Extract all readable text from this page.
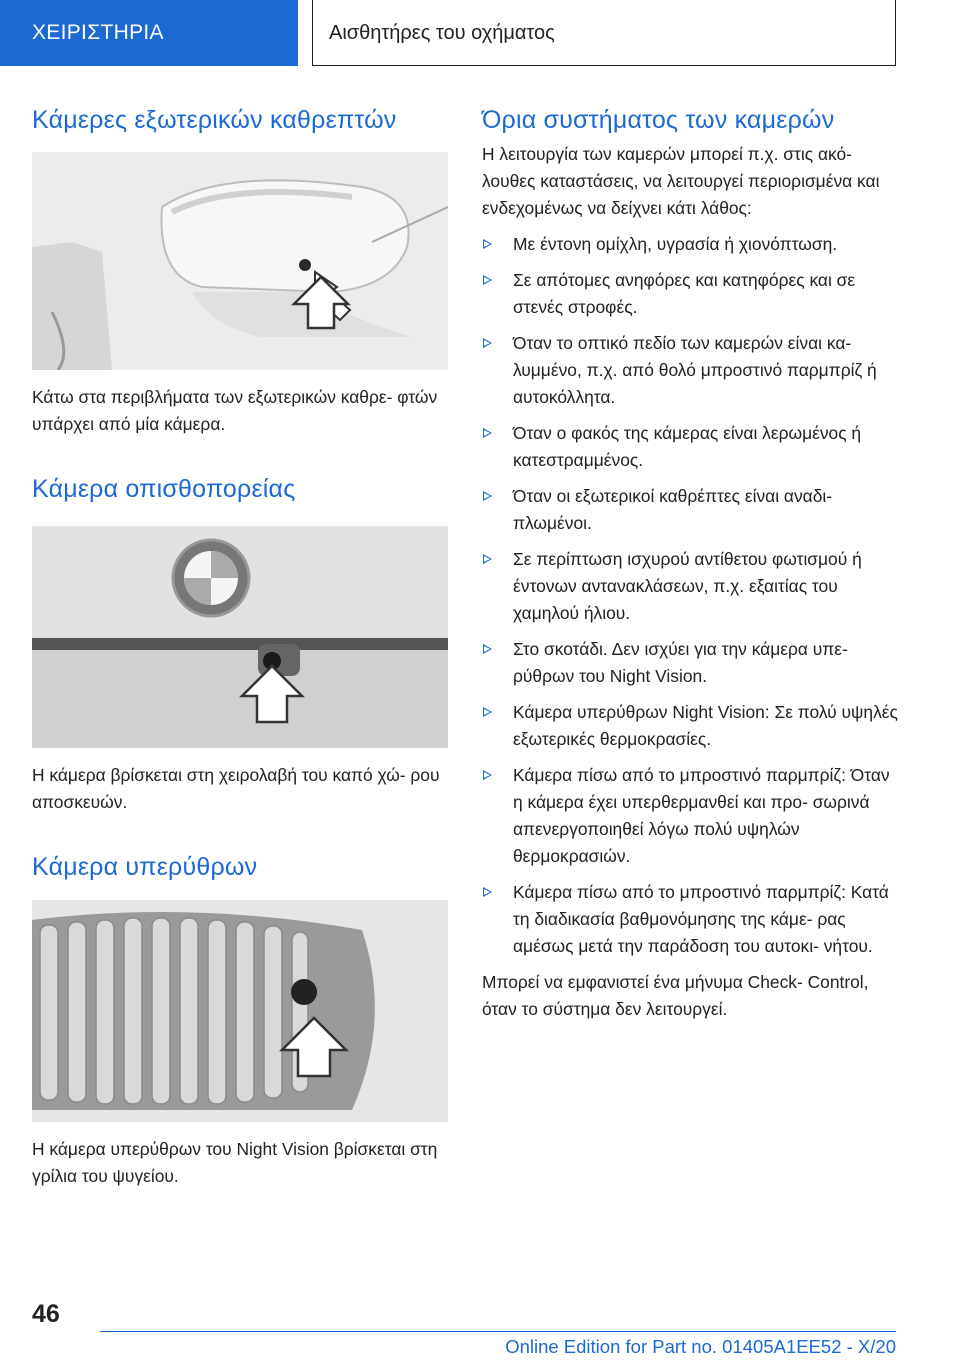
ΧΕΙΡΙΣΤΗΡΙΑ	Αισθητήρες του οχήματος
Κάμερες εξωτερικών καθρεπτών

Κάτω στα περιβλήματα των εξωτερικών καθρε- φτών υπάρχει από μία κάμερα.

Κάμερα οπισθοπορείας

Η κάμερα βρίσκεται στη χειρολαβή του καπό χώ- ρου αποσκευών.

Κάμερα υπερύθρων

Η κάμερα υπερύθρων του Night Vision βρίσκεται στη γρίλια του ψυγείου.

Όρια συστήματος των καμερών

Η λειτουργία των καμερών μπορεί π.χ. στις ακό- λουθες καταστάσεις, να λειτουργεί περιορισμένα και ενδεχομένως να δείχνει κάτι λάθος:

Με έντονη ομίχλη, υγρασία ή χιονόπτωση.
Σε απότομες ανηφόρες και κατηφόρες και σε στενές στροφές.
Όταν το οπτικό πεδίο των καμερών είναι κα- λυμμένο, π.χ. από θολό μπροστινό παρμπρίζ ή αυτοκόλλητα.
Όταν ο φακός της κάμερας είναι λερωμένος ή κατεστραμμένος.
Όταν οι εξωτερικοί καθρέπτες είναι αναδι- πλωμένοι.
Σε περίπτωση ισχυρού αντίθετου φωτισμού ή έντονων αντανακλάσεων, π.χ. εξαιτίας του χαμηλού ήλιου.
Στο σκοτάδι. Δεν ισχύει για την κάμερα υπε- ρύθρων του Night Vision.
Κάμερα υπερύθρων Night Vision: Σε πολύ υψηλές εξωτερικές θερμοκρασίες.
Κάμερα πίσω από το μπροστινό παρμπρίζ: Όταν η κάμερα έχει υπερθερμανθεί και προ- σωρινά απενεργοποιηθεί λόγω πολύ υψηλών θερμοκρασιών.
Κάμερα πίσω από το μπροστινό παρμπρίζ: Κατά τη διαδικασία βαθμονόμησης της κάμε- ρας αμέσως μετά την παράδοση του αυτοκι- νήτου.

Μπορεί να εμφανιστεί ένα μήνυμα Check- Control, όταν το σύστημα δεν λειτουργεί.

46
Online Edition for Part no. 01405A1EE52 - X/20
